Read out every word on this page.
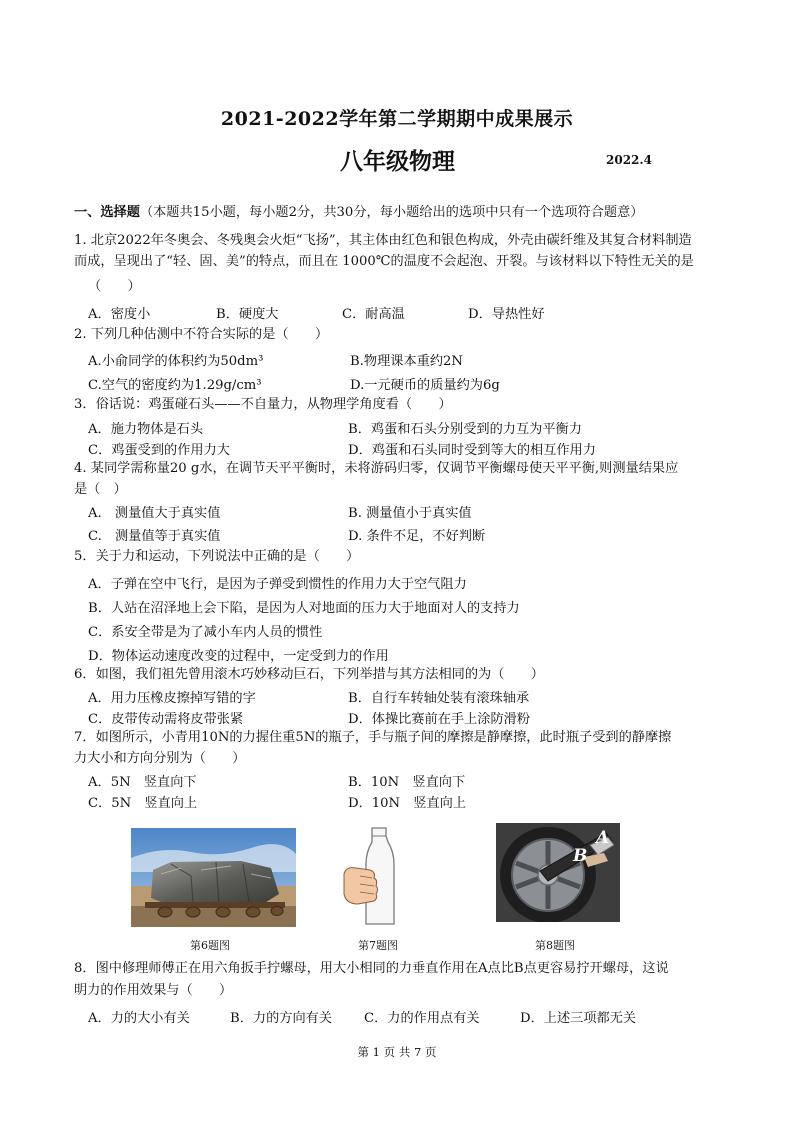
2021-2022学年第二学期期中成果展示
八年级物理	2022.4
一、选择题（本题共15小题，每小题2分，共30分，每小题给出的选项中只有一个选项符合题意）
1. 北京2022年冬奥会、冬残奥会火炬“飞扬”，其主体由红色和银色构成，外壳由碳纤维及其复合材料制造
而成，呈现出了“轻、固、美”的特点，而且在 1000℃的温度不会起泡、开裂。与该材料以下特性无关的是
（　　）
A．密度小	B．硬度大	C．耐高温	D．导热性好
2. 下列几种估测中不符合实际的是（　　）
A.小俞同学的体积约为50dm³	B.物理课本重约2N
C.空气的密度约为1.29g/cm³	D.一元硬币的质量约为6g
3．俗话说：鸡蛋碰石头——不自量力，从物理学角度看（　　）
A．施力物体是石头	B．鸡蛋和石头分别受到的力互为平衡力
C．鸡蛋受到的作用力大	D．鸡蛋和石头同时受到等大的相互作用力
4. 某同学需称量20 g水，在调节天平平衡时，未将游码归零，仅调节平衡螺母使天平平衡,则测量结果应
是（　）
A.　测量值大于真实值	B. 测量值小于真实值
C.　测量值等于真实值	D. 条件不足，不好判断
5．关于力和运动，下列说法中正确的是（　　）
A．子弹在空中飞行，是因为子弹受到惯性的作用力大于空气阻力
B．人站在沼泽地上会下陷，是因为人对地面的压力大于地面对人的支持力
C．系安全带是为了减小车内人员的惯性
D．物体运动速度改变的过程中，一定受到力的作用
6．如图，我们祖先曾用滚木巧妙移动巨石，下列举措与其方法相同的为（　　）
A．用力压橡皮擦掉写错的字	B．自行车转轴处装有滚珠轴承
C．皮带传动需将皮带张紧	D．体操比赛前在手上涂防滑粉
7．如图所示，小青用10N的力握住重5N的瓶子，手与瓶子间的摩擦是静摩擦，此时瓶子受到的静摩擦
力大小和方向分别为（　　）
A．5N　竖直向下	B．10N　竖直向下
C．5N　竖直向上	D．10N　竖直向上
第6题图	第7题图
B
A
第8题图
8．图中修理师傅正在用六角扳手拧螺母，用大小相同的力垂直作用在A点比B点更容易拧开螺母，这说
明力的作用效果与（　　）
A．力的大小有关	B．力的方向有关 C．力的作用点有关	D．上述三项都无关
第 1 页 共 7 页
